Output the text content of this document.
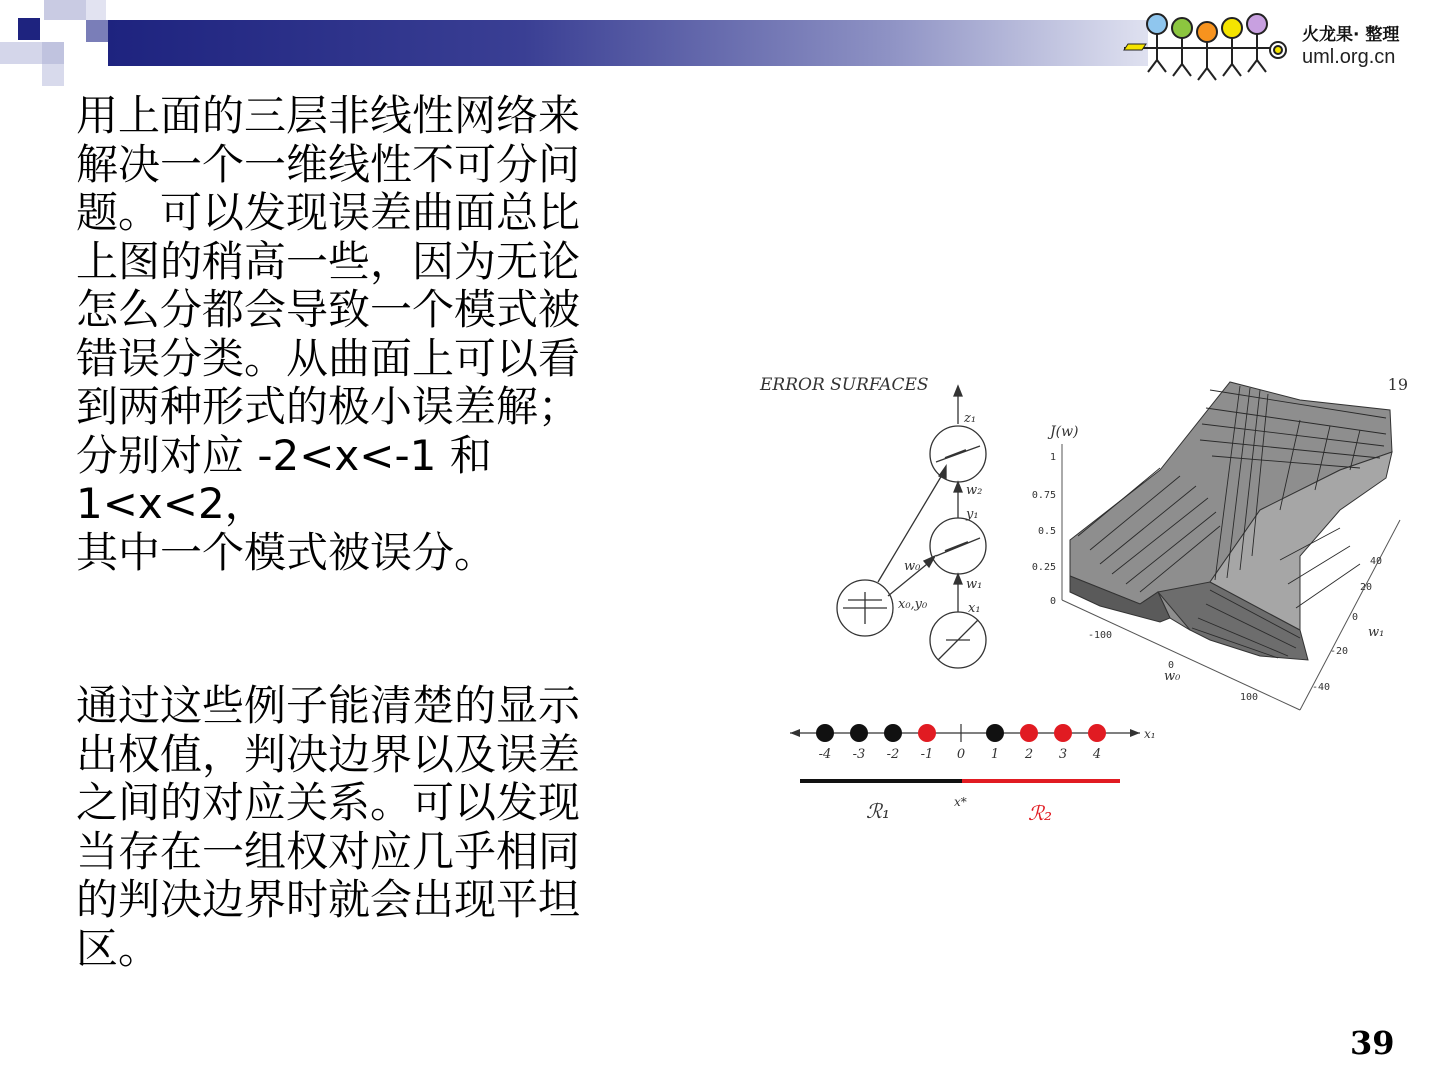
火龙果· 整理
uml.org.cn
用上面的三层非线性网络来
解决一个一维线性不可分问
题。可以发现误差曲面总比
上图的稍高一些，因为无论
怎么分都会导致一个模式被
错误分类。从曲面上可以看
到两种形式的极小误差解；
分别对应 -2<x<-1 和 1<x<2，
其中一个模式被误分。
通过这些例子能清楚的显示
出权值，判决边界以及误差
之间的对应关系。可以发现
当存在一组权对应几乎相同
的判决边界时就会出现平坦
区。
ERROR SURFACES	19
z₁
w₂
y₁
w₀
w₁
x₀,y₀	x₁
J(w)
1
0.75
0.5
0.25
0
-100
0
100
40
20
0
-20
-40
w₀
w₁
-4 -3 -2 -1 0 1 2 3 4
x₁
x*
ℛ₁	ℛ₂
39
